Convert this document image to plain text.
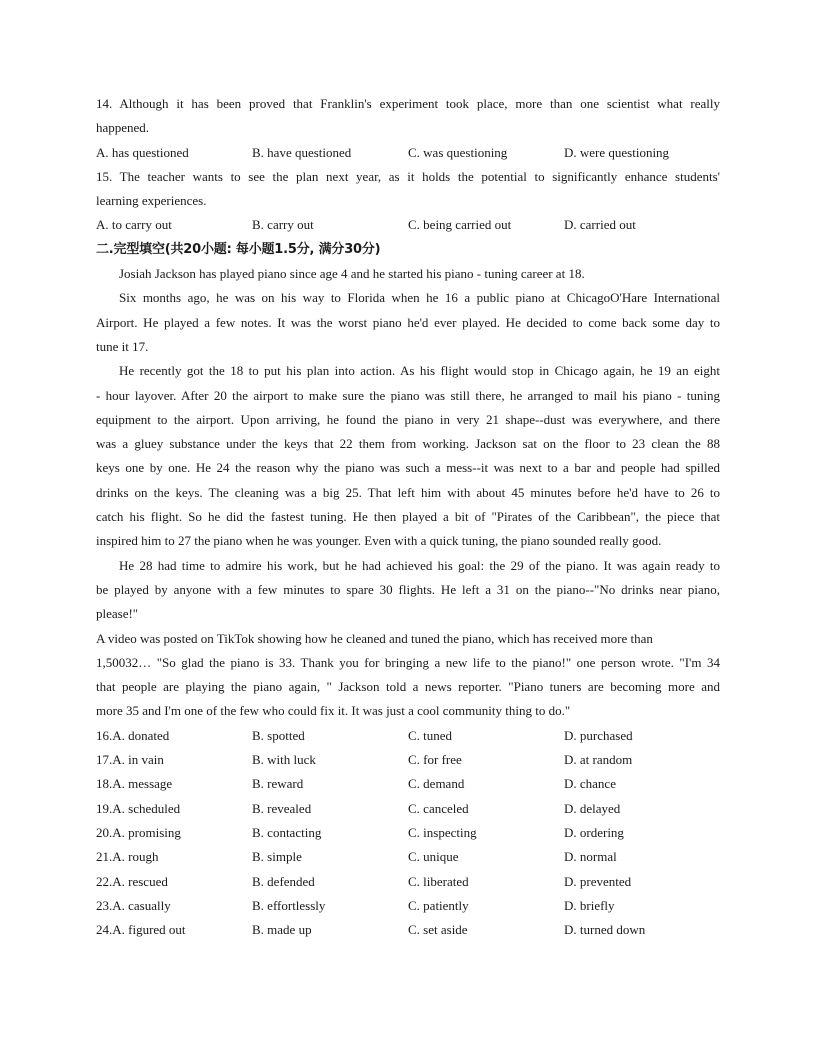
14. Although it has been proved that Franklin's experiment took place, more than one scientist what really
happened.
A. has questioned	B. have questioned	C. was questioning	D. were questioning
15. The teacher wants to see the plan next year, as it holds the potential to significantly enhance students'
learning experiences.
A. to carry out	B. carry out	C. being carried out	D. carried out
二.完型填空(共20小题: 每小题1.5分, 满分30分)
Josiah Jackson has played piano since age 4 and he started his piano - tuning career at 18.
Six months ago, he was on his way to Florida when he 16 a public piano at ChicagoO'Hare International
Airport. He played a few notes. It was the worst piano he'd ever played. He decided to come back some day to
tune it 17.
He recently got the 18 to put his plan into action. As his flight would stop in Chicago again, he 19 an eight
- hour layover. After 20 the airport to make sure the piano was still there, he arranged to mail his piano - tuning
equipment to the airport. Upon arriving, he found the piano in very 21 shape--dust was everywhere, and there
was a gluey substance under the keys that 22 them from working. Jackson sat on the floor to 23 clean the 88
keys one by one. He 24 the reason why the piano was such a mess--it was next to a bar and people had spilled
drinks on the keys. The cleaning was a big 25. That left him with about 45 minutes before he'd have to 26 to
catch his flight. So he did the fastest tuning. He then played a bit of "Pirates of the Caribbean", the piece that
inspired him to 27 the piano when he was younger. Even with a quick tuning, the piano sounded really good.
He 28 had time to admire his work, but he had achieved his goal: the 29 of the piano. It was again ready to
be played by anyone with a few minutes to spare 30 flights. He left a 31 on the piano--"No drinks near piano,
please!"
A video was posted on TikTok showing how he cleaned and tuned the piano, which has received more than
1,50032… "So glad the piano is 33. Thank you for bringing a new life to the piano!" one person wrote. "I'm 34
that people are playing the piano again, " Jackson told a news reporter. "Piano tuners are becoming more and
more 35 and I'm one of the few who could fix it. It was just a cool community thing to do."
16.A. donated	B. spotted	C. tuned	D. purchased
17.A. in vain	B. with luck	C. for free	D. at random
18.A. message	B. reward	C. demand	D. chance
19.A. scheduled	B. revealed	C. canceled	D. delayed
20.A. promising	B. contacting	C. inspecting	D. ordering
21.A. rough	B. simple	C. unique	D. normal
22.A. rescued	B. defended	C. liberated	D. prevented
23.A. casually	B. effortlessly	C. patiently	D. briefly
24.A. figured out	B. made up	C. set aside	D. turned down
